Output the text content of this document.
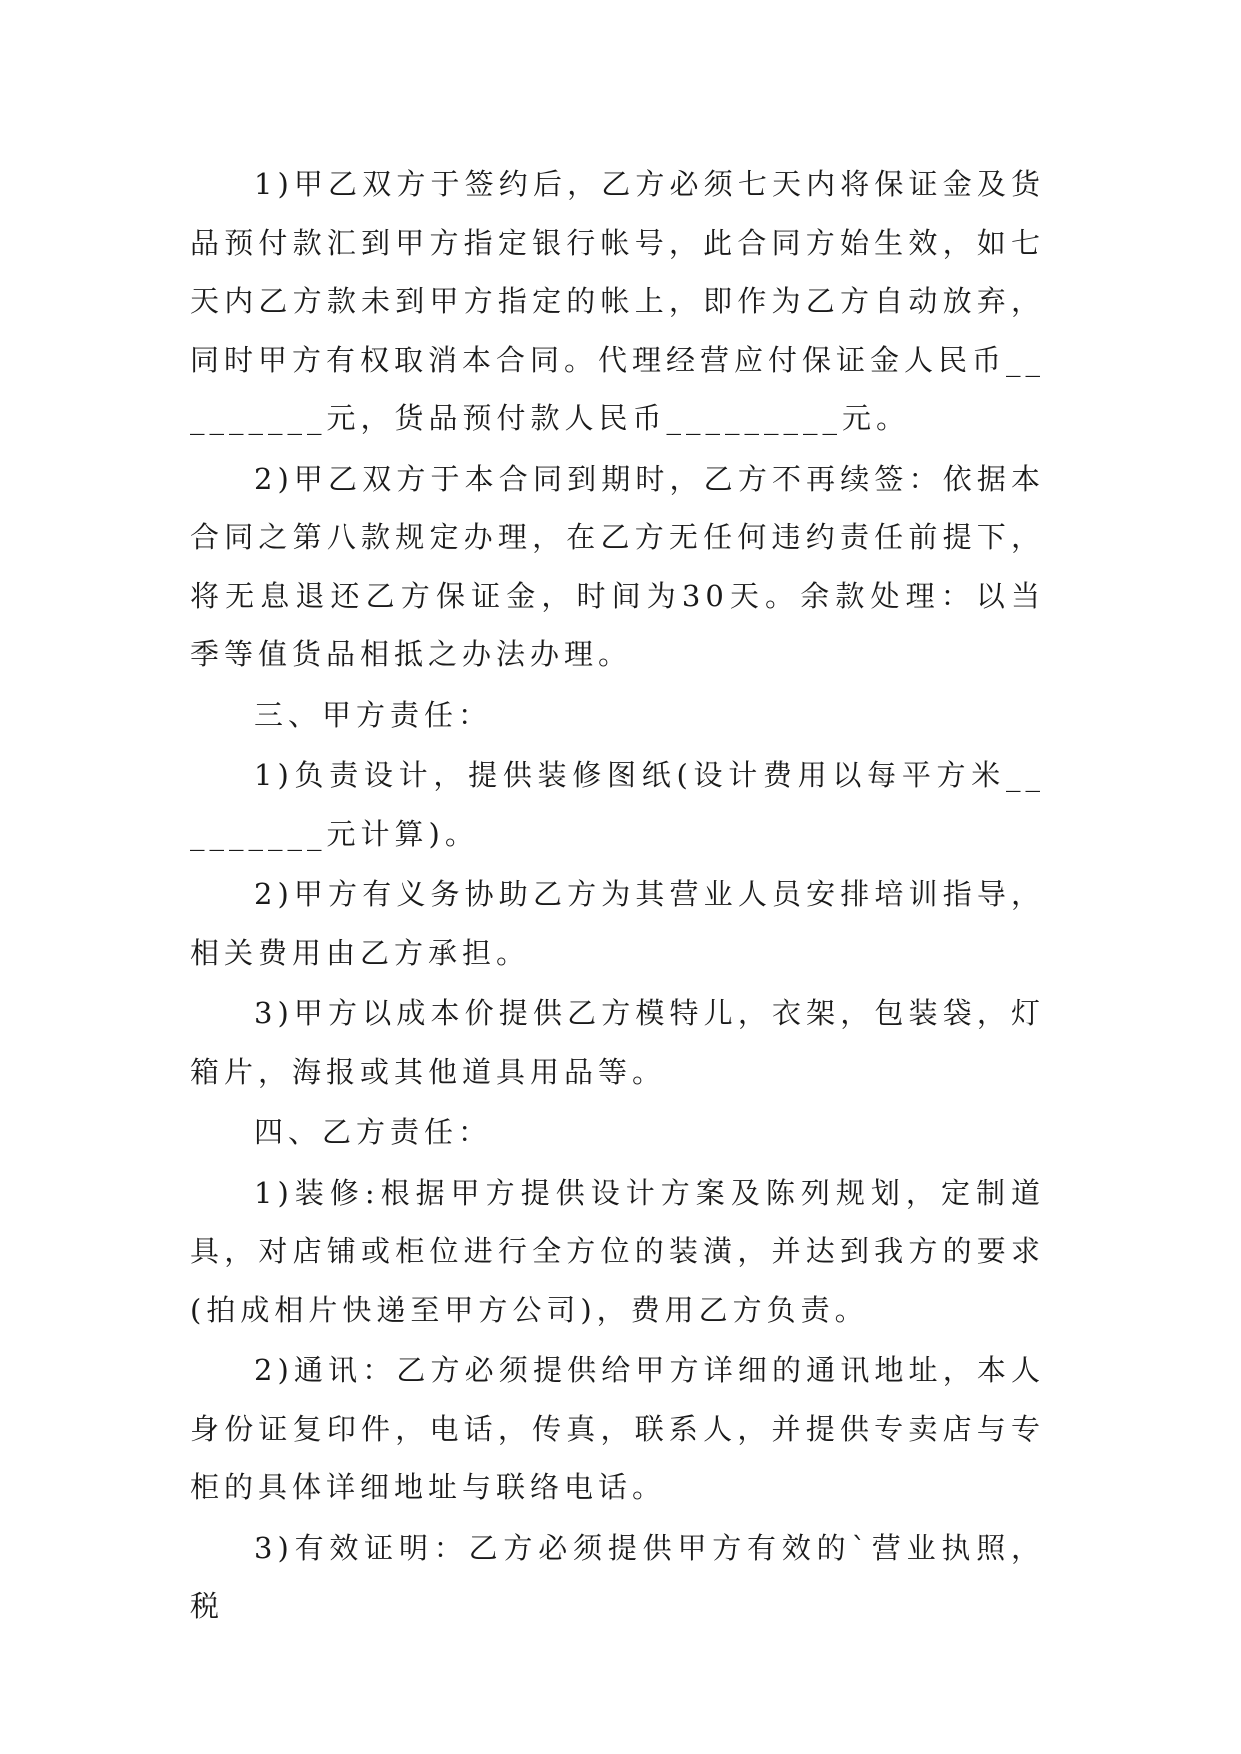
1)甲乙双方于签约后，乙方必须七天内将保证金及货品预付款汇到甲方指定银行帐号，此合同方始生效，如七天内乙方款未到甲方指定的帐上，即作为乙方自动放弃，同时甲方有权取消本合同。代理经营应付保证金人民币_________元，货品预付款人民币_________元。

2)甲乙双方于本合同到期时，乙方不再续签：依据本合同之第八款规定办理，在乙方无任何违约责任前提下，将无息退还乙方保证金，时间为30天。余款处理：以当季等值货品相抵之办法办理。

三、甲方责任：

1)负责设计，提供装修图纸(设计费用以每平方米_________元计算)。

2)甲方有义务协助乙方为其营业人员安排培训指导，相关费用由乙方承担。

3)甲方以成本价提供乙方模特儿，衣架，包装袋，灯箱片，海报或其他道具用品等。

四、乙方责任：

1)装修:根据甲方提供设计方案及陈列规划，定制道具，对店铺或柜位进行全方位的装潢，并达到我方的要求(拍成相片快递至甲方公司)，费用乙方负责。

2)通讯：乙方必须提供给甲方详细的通讯地址，本人身份证复印件，电话，传真，联系人，并提供专卖店与专柜的具体详细地址与联络电话。

3)有效证明：乙方必须提供甲方有效的`营业执照，税
